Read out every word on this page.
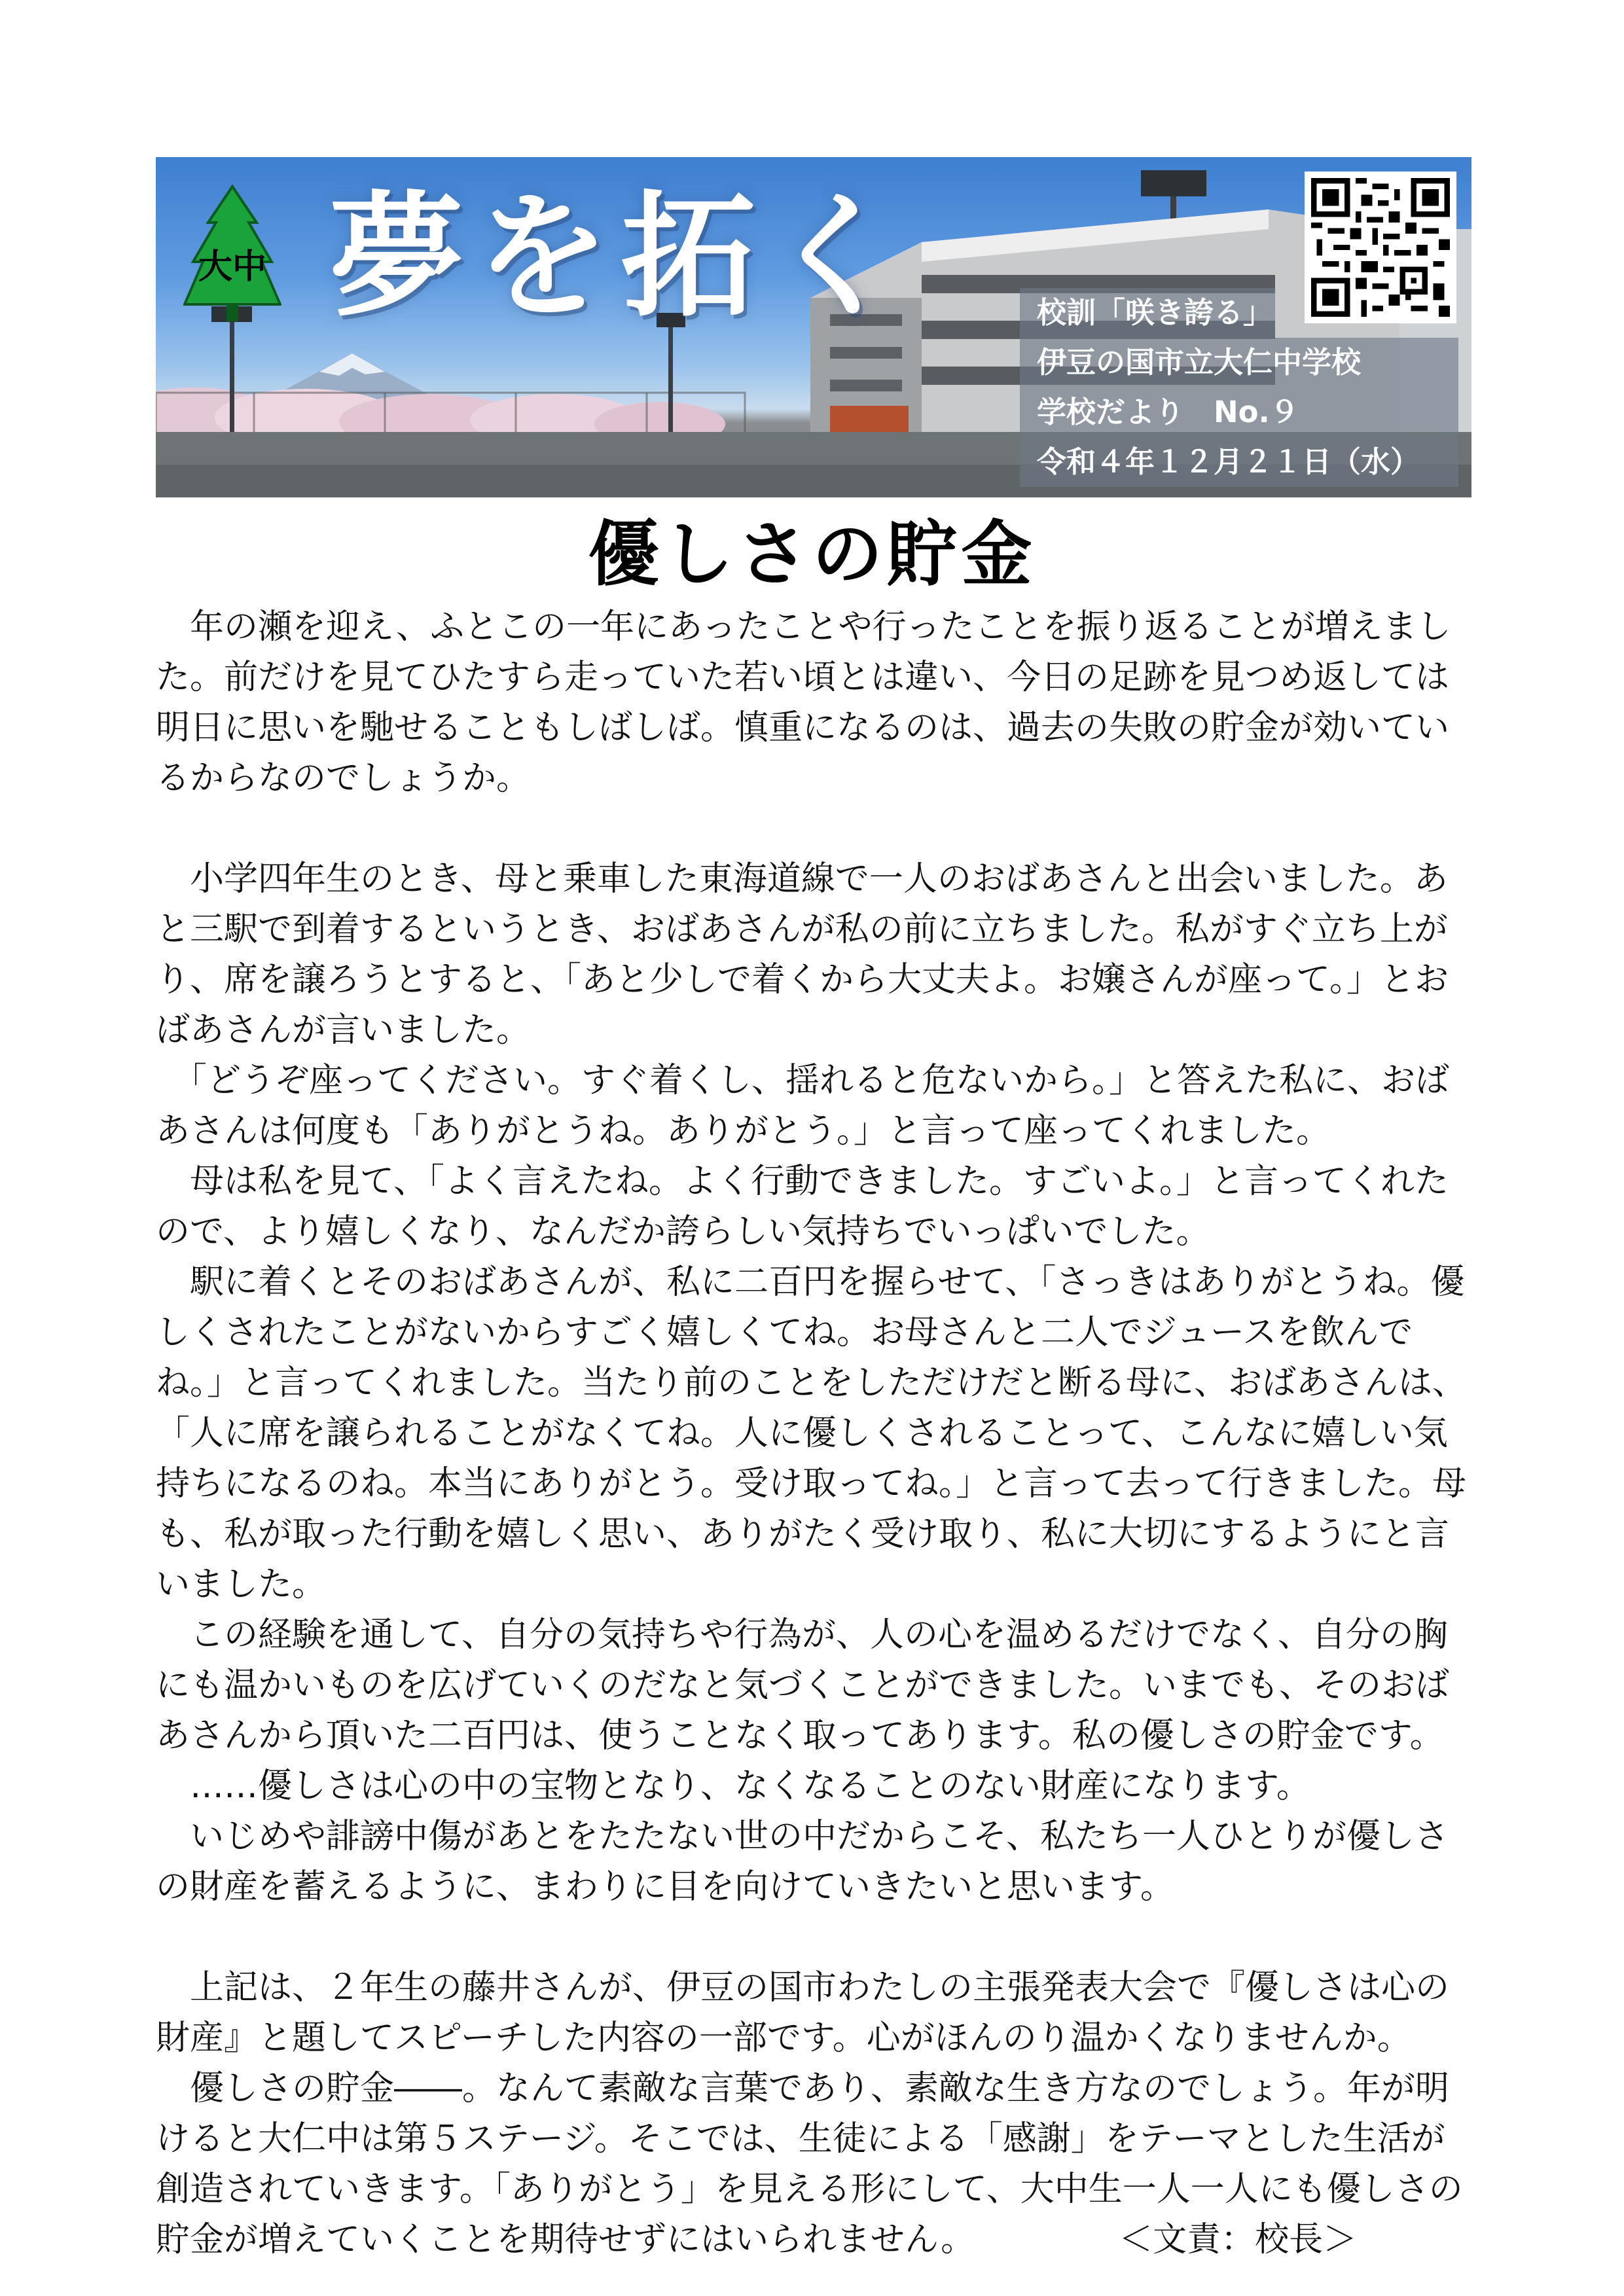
大中 夢を拓く	校訓「咲き誇る」
伊豆の国市立大仁中学校
学校だより　No.９
令和４年１２月２１日（水）
優しさの貯金

　年の瀬を迎え、ふとこの一年にあったことや行ったことを振り返ることが増えました。前だけを見てひたすら走っていた若い頃とは違い、今日の足跡を見つめ返しては明日に思いを馳せることもしばしば。慎重になるのは、過去の失敗の貯金が効いているからなのでしょうか。

　小学四年生のとき、母と乗車した東海道線で一人のおばあさんと出会いました。あと三駅で到着するというとき、おばあさんが私の前に立ちました。私がすぐ立ち上がり、席を譲ろうとすると、「あと少しで着くから大丈夫よ。お嬢さんが座って。」とおばあさんが言いました。

　「どうぞ座ってください。すぐ着くし、揺れると危ないから。」と答えた私に、おばあさんは何度も「ありがとうね。ありがとう。」と言って座ってくれました。

　母は私を見て、「よく言えたね。よく行動できました。すごいよ。」と言ってくれたので、より嬉しくなり、なんだか誇らしい気持ちでいっぱいでした。

　駅に着くとそのおばあさんが、私に二百円を握らせて、「さっきはありがとうね。優しくされたことがないからすごく嬉しくてね。お母さんと二人でジュースを飲んでね。」と言ってくれました。当たり前のことをしただけだと断る母に、おばあさんは、「人に席を譲られることがなくてね。人に優しくされることって、こんなに嬉しい気持ちになるのね。本当にありがとう。受け取ってね。」と言って去って行きました。母も、私が取った行動を嬉しく思い、ありがたく受け取り、私に大切にするようにと言いました。

　この経験を通して、自分の気持ちや行為が、人の心を温めるだけでなく、自分の胸にも温かいものを広げていくのだなと気づくことができました。いまでも、そのおばあさんから頂いた二百円は、使うことなく取ってあります。私の優しさの貯金です。

　……優しさは心の中の宝物となり、なくなることのない財産になります。

　いじめや誹謗中傷があとをたたない世の中だからこそ、私たち一人ひとりが優しさの財産を蓄えるように、まわりに目を向けていきたいと思います。

　上記は、２年生の藤井さんが、伊豆の国市わたしの主張発表大会で『優しさは心の財産』と題してスピーチした内容の一部です。心がほんのり温かくなりませんか。

　優しさの貯金――。なんて素敵な言葉であり、素敵な生き方なのでしょう。年が明けると大仁中は第５ステージ。そこでは、生徒による「感謝」をテーマとした生活が創造されていきます。「ありがとう」を見える形にして、大中生一人一人にも優しさの貯金が増えていくことを期待せずにはいられません。	＜文責：校長＞
